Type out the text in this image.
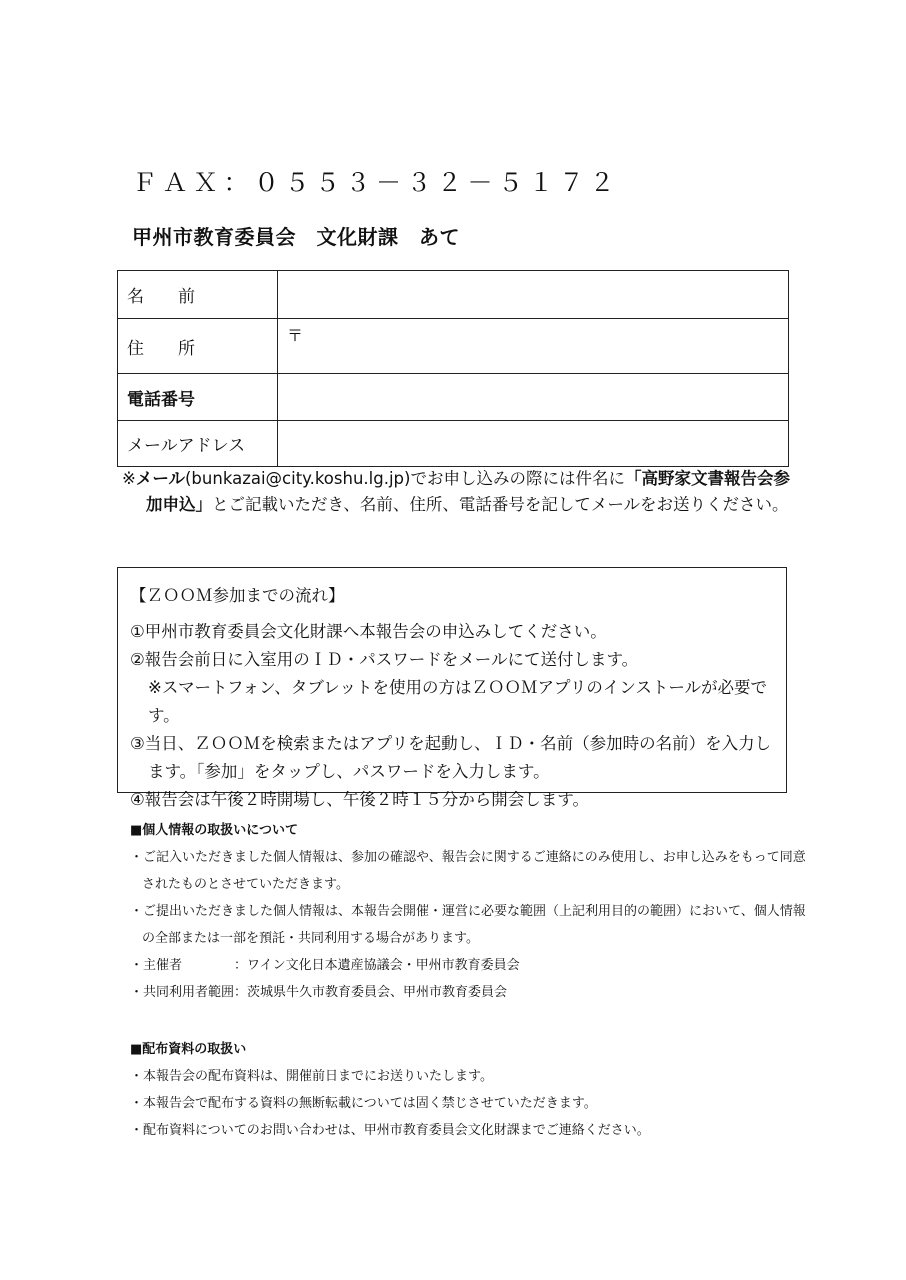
ＦＡＸ：０５５３－３２－５１７２
甲州市教育委員会　文化財課　あて
名　　前	
住　　所	〒

電話番号	
メールアドレス	

※メール(bunkazai@city.koshu.lg.jp)でお申し込みの際には件名に「高野家文書報告会参加申込」とご記載いただき、名前、住所、電話番号を記してメールをお送りください。

【ＺＯＯＭ参加までの流れ】

①甲州市教育委員会文化財課へ本報告会の申込みしてください。

②報告会前日に入室用のＩＤ・パスワードをメールにて送付します。

※スマートフォン、タブレットを使用の方はＺＯＯＭアプリのインストールが必要です。

③当日、ＺＯＯＭを検索またはアプリを起動し、ＩＤ・名前（参加時の名前）を入力します。「参加」をタップし、パスワードを入力します。

④報告会は午後２時開場し、午後２時１５分から開会します。

■個人情報の取扱いについて

・ご記入いただきました個人情報は、参加の確認や、報告会に関するご連絡にのみ使用し、お申し込みをもって同意されたものとさせていただきます。

・ご提出いただきました個人情報は、本報告会開催・運営に必要な範囲（上記利用目的の範囲）において、個人情報の全部または一部を預託・共同利用する場合があります。

・主催者	：ワイン文化日本遺産協議会・甲州市教育委員会

・共同利用者範囲：茨城県牛久市教育委員会、甲州市教育委員会

■配布資料の取扱い

・本報告会の配布資料は、開催前日までにお送りいたします。

・本報告会で配布する資料の無断転載については固く禁じさせていただきます。

・配布資料についてのお問い合わせは、甲州市教育委員会文化財課までご連絡ください。
